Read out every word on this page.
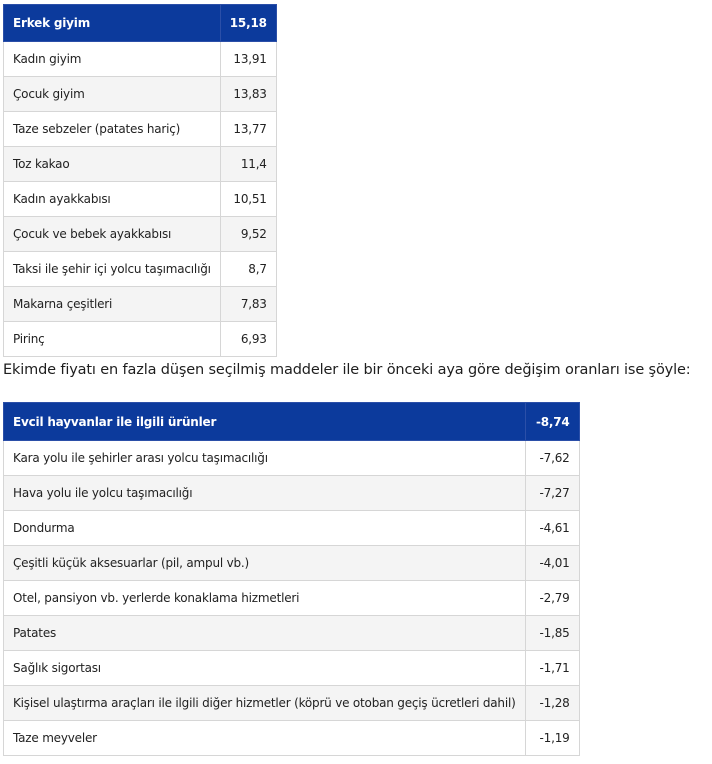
Erkek giyim	15,18
Kadın giyim	13,91
Çocuk giyim	13,83
Taze sebzeler (patates hariç)	13,77
Toz kakao	11,4
Kadın ayakkabısı	10,51
Çocuk ve bebek ayakkabısı	9,52
Taksi ile şehir içi yolcu taşımacılığı	8,7
Makarna çeşitleri	7,83
Pirinç	6,93

Ekimde fiyatı en fazla düşen seçilmiş maddeler ile bir önceki aya göre değişim oranları ise şöyle:

Evcil hayvanlar ile ilgili ürünler	-8,74
Kara yolu ile şehirler arası yolcu taşımacılığı	-7,62
Hava yolu ile yolcu taşımacılığı	-7,27
Dondurma	-4,61
Çeşitli küçük aksesuarlar (pil, ampul vb.)	-4,01
Otel, pansiyon vb. yerlerde konaklama hizmetleri	-2,79
Patates	-1,85
Sağlık sigortası	-1,71
Kişisel ulaştırma araçları ile ilgili diğer hizmetler (köprü ve otoban geçiş ücretleri dahil)	-1,28
Taze meyveler	-1,19
